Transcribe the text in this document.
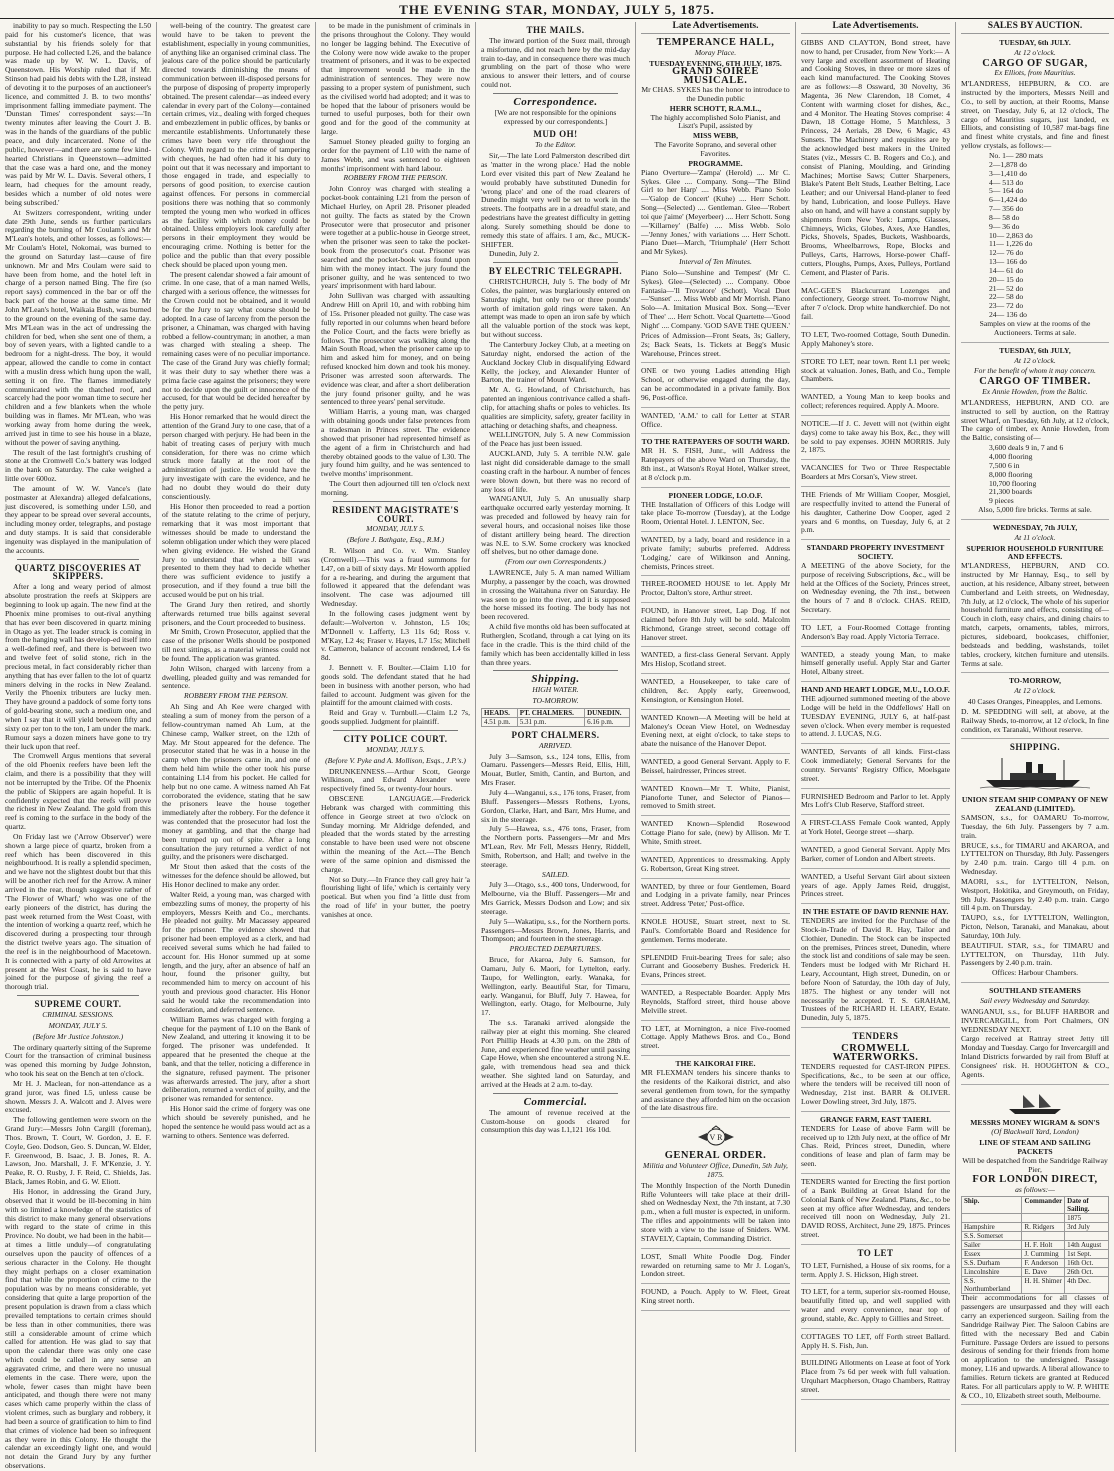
THE EVENING STAR, MONDAY, JULY 5, 1875.

inability to pay so much. Respecting the L50 paid for his customer's licence, that was substantial by his friends solely for that purpose. He had collected L26, and the balance was made up by W. W. L. Davis, of Queenstown. His Worship ruled that if Mr. Stinson had paid his debts with the L28, instead of devoting it to the purposes of an auctioneer's licence, and committed J. B. to two months' imprisonment falling immediate payment. The 'Dunstan Times' correspondent says:—'In twenty minutes after leaving the Court J. B. was in the hands of the guardians of the public peace, and duly incarcerated. None of the public, however—and there are some few kind-hearted Christians in Queenstown—admitted that the case was a hard one, and the money was paid by Mr W. L. Davis. Several others, I learn, had cheques for the amount ready, besides which a number of old notes were being subscribed.'

At Switzers correspondent, writing under date 29th June, sends us further particulars regarding the burning of Mr Coulam's and Mr M'Lean's hotels, and other losses, as follows:—Mr Coulam's Hotel, Nokomai, was burned to the ground on Saturday last—cause of fire unknown. Mr and Mrs Coulam were said to have been from home, and the hotel left in charge of a person named Bing. The fire (so report says) commenced in the bar or off the back part of the house at the same time. Mr John M'Lean's hotel, Waikaia Bush, was burned to the ground on the evening of the same day. Mrs M'Lean was in the act of undressing the children for bed, when she sent one of them, a boy of seven years, with a lighted candle to a bedroom for a night-dress. The boy, it would appear, allowed the candle to come in contact with a muslin dress which hung upon the wall, setting it on fire. The flames immediately communicated with the thatched roof, and scarcely had the poor woman time to secure her children and a few blankets when the whole building was in flames. Mr M'Lean, who was working away from home during the week, arrived just in time to see his house in a blaze, without the power of saving anything.

The result of the last fortnight's crushing of stone at the Cromwell Co.'s battery was lodged in the bank on Saturday. The cake weighed a little over 600oz.

The amount of W. W. Vance's (late postmaster at Alexandra) alleged defalcations, just discovered, is something under L50, and they appear to be spread over several accounts, including money order, telegraphs, and postage and duty stamps. It is said that considerable ingenuity was displayed in the manipulation of the accounts.

QUARTZ DISCOVERIES AT SKIPPERS.

After a long and weary period of almost absolute prostration the reefs at Skippers are beginning to look up again. The new find at the Phoenix mine promises to out-rival anything that has ever been discovered in quartz mining in Otago as yet. The leader struck is coming in from the hanging wall has develop-ed itself into a well-defined reef, and there is between two and twelve feet of solid stone, rich in the precious metal, in fact considerably richer than anything that has ever fallen to the lot of quartz miners delving in the rocks in New Zealand. Verily the Phoenix tributers are lucky men. They have ground a paddock of some forty tons of gold-bearing stone, such a medium one, and when I say that it will yield between fifty and sixty oz per ton to the ton, I am under the mark. Rumour says a dozen miners have gone to try their luck upon that reef.

The Cromwell Argus mentions that several of the old Phoenix reefers have been left the claim, and there is a possibility that they will not be interrupted by the Tribe. Of the Phoenix the public of Skippers are again hopeful. It is confidently expected that the reefs will prove the richest in New Zealand. The gold from this reef is coming to the surface in the body of the quartz.

On Friday last we ('Arrow Observer') were shown a large piece of quartz, broken from a reef which has been discovered in this neighbourhood. It is really a splendid specimen, and we have not the slightest doubt but that this will be another rich reef for the Arrow. A miner arrived in the rear, though suggestive rather of 'The Flower of Wharf,' who was one of the early pioneers of the district, has during the past week returned from the West Coast, with the intention of working a quartz reef, which he discovered during a prospecting tour through the district twelve years ago. The situation of the reef is in the neighbourhood of Macetown. It is connected with a party of old Arrowites at present at the West Coast, he is said to have joined for the purpose of giving the reef a thorough trial.

SUPREME COURT.
CRIMINAL SESSIONS.
MONDAY, JULY 5.
(Before Mr Justice Johnston.)

The ordinary quarterly sitting of the Supreme Court for the transaction of criminal business was opened this morning by Judge Johnston, who took his seat on the Bench at ten o'clock.

Mr H. J. Maclean, for non-attendance as a grand juror, was fined L5, unless cause be shown. Messrs J. A. Walcott and J. Alves were excused.

The following gentlemen were sworn on the Grand Jury:—Messrs John Cargill (foreman), Thos. Brown, T. Court, W. Gordon, J. E. F. Coyle, Geo. Dodson, Geo. S. Duncan, W. Elder, F. Greenwood, B. Isaac, J. B. Jones, R. A. Lawson, Jno. Marshall, J. F. M'Kenzie, J. Y. Peake, R. O. Rusby, J. F. Reid, C. Shields, Jas. Black, James Robin, and G. W. Eliott.

His Honor, in addressing the Grand Jury, observed that it would be ill-becoming in him with so limited a knowledge of the statistics of this district to make many general observations with regard to the state of crime in this Province. No doubt, we had been in the habit—at times a little unduly—of congratulating ourselves upon the paucity of offences of a serious character in the Colony. He thought they might perhaps on a closer examination find that while the proportion of crime to the population was by no means considerable, yet considering that quite a large proportion of the present population is drawn from a class which prevailed temptations to certain crimes should be less than in other communities, there was still a considerable amount of crime which called for attention. He was glad to say that upon the calendar there was only one case which could be called in any sense an aggravated crime, and there were no unusual elements in the case. There were, upon the whole, fewer cases than might have been anticipated, and though there were not many cases which came properly within the class of violent crimes, such as burglary and robbery, it had been a source of gratification to him to find that crimes of violence had been so infrequent as they were in this Colony. He thought the calendar an exceedingly light one, and would not detain the Grand Jury by any further observations.

well-being of the country. The greatest care would have to be taken to prevent the establishment, especially in young communities, of anything like an organised criminal class. The jealous care of the police should be particularly directed towards diminishing the means of communication between ill-disposed persons for the purpose of disposing of property improperly obtained. The present calendar—as indeed every calendar in every part of the Colony—contained certain crimes, viz., dealing with forged cheques and embezzlement in public offices, by banks or mercantile establishments. Unfortunately these crimes have been very rife throughout the Colony. With regard to the crime of tampering with cheques, he had often had it his duty to point out that it was necessary and important to those engaged in trade, and especially to persons of good position, to exercise caution against offences. For persons in commercial positions there was nothing that so commonly tempted the young men who worked in offices as the facility with which money could be obtained. Unless employers look carefully after persons in their employment they would be encouraging crime. Nothing is better for the police and the public than that every possible check should be placed upon young men.

The present calendar showed a fair amount of crime. In one case, that of a man named Wells, charged with a serious offence, the witnesses for the Crown could not be obtained, and it would be for the Jury to say what course should be adopted. In a case of larceny from the person the prisoner, a Chinaman, was charged with having robbed a fellow-countryman; in another, a man was charged with stealing a sheep. The remaining cases were of no peculiar importance. The case of the Grand Jury was chiefly formal; it was their duty to say whether there was a prima facie case against the prisoners; they were not to decide upon the guilt or innocence of the accused, for that would be decided hereafter by the petty jury.

His Honor remarked that he would direct the attention of the Grand Jury to one case, that of a person charged with perjury. He had been in the habit of treating cases of perjury with much consideration, for there was no crime which struck more fatally at the root of the administration of justice. He would have the jury investigate with care the evidence, and he had no doubt they would do their duty conscientiously.

His Honor then proceeded to read a portion of the statute relating to the crime of perjury, remarking that it was most important that witnesses should be made to understand the solemn obligation under which they were placed when giving evidence. He wished the Grand Jury to understand that when a bill was presented to them they had to decide whether there was sufficient evidence to justify a prosecution, and if they found a true bill the accused would be put on his trial.

The Grand Jury then retired, and shortly afterwards returned true bills against several prisoners, and the Court proceeded to business.

Mr Smith, Crown Prosecutor, applied that the case of the prisoner Wells should be postponed till next sittings, as a material witness could not be found. The application was granted.

John Wilson, charged with larceny from a dwelling, pleaded guilty and was remanded for sentence.

ROBBERY FROM THE PERSON.

Ah Sing and Ah Kee were charged with stealing a sum of money from the person of a fellow-countryman named Ah Lum, at the Chinese camp, Walker street, on the 12th of May. Mr Stout appeared for the defence. The prosecutor stated that he was in a house in the camp when the prisoners came in, and one of them held him while the other took his purse containing L14 from his pocket. He called for help but no one came. A witness named Ah Fat corroborated the evidence, stating that he saw the prisoners leave the house together immediately after the robbery. For the defence it was contended that the prosecutor had lost the money at gambling, and that the charge had been trumped up out of spite. After a long consultation the jury returned a verdict of not guilty, and the prisoners were discharged.

Mr Stout then asked that the costs of the witnesses for the defence should be allowed, but His Honor declined to make any order.

Walter Reid, a young man, was charged with embezzling sums of money, the property of his employers, Messrs Keith and Co., merchants. He pleaded not guilty. Mr Macassey appeared for the prisoner. The evidence showed that prisoner had been employed as a clerk, and had received several sums which he had failed to account for. His Honor summed up at some length, and the jury, after an absence of half an hour, found the prisoner guilty, but recommended him to mercy on account of his youth and previous good character. His Honor said he would take the recommendation into consideration, and deferred sentence.

William Barnes was charged with forging a cheque for the payment of L10 on the Bank of New Zealand, and uttering it knowing it to be forged. The prisoner was undefended. It appeared that he presented the cheque at the bank, and that the teller, noticing a difference in the signature, refused payment. The prisoner was afterwards arrested. The jury, after a short deliberation, returned a verdict of guilty, and the prisoner was remanded for sentence.

His Honor said the crime of forgery was one which should be severely punished, and he hoped the sentence he would pass would act as a warning to others. Sentence was deferred.

to be made in the punishment of criminals in the prisons throughout the Colony. They would no longer be lagging behind. The Executive of the Colony were now wide awake to the proper treatment of prisoners, and it was to be expected that improvement would be made in the administration of sentences. They were now passing to a proper system of punishment, such as the civilised world had adopted; and it was to be hoped that the labour of prisoners would be turned to useful purposes, both for their own good and for the good of the community at large.

Samuel Stoney pleaded guilty to forging an order for the payment of L10 with the name of James Webb, and was sentenced to eighteen months' imprisonment with hard labour.

ROBBERY FROM THE PERSON.

John Conroy was charged with stealing a pocket-book containing L21 from the person of Michael Hurley, on April 28. Prisoner pleaded not guilty. The facts as stated by the Crown Prosecutor were that prosecutor and prisoner were together at a public-house in George street, when the prisoner was seen to take the pocket-book from the prosecutor's coat. Prisoner was searched and the pocket-book was found upon him with the money intact. The jury found the prisoner guilty, and he was sentenced to two years' imprisonment with hard labour.

John Sullivan was charged with assaulting Andrew Hill on April 10, and with robbing him of 15s. Prisoner pleaded not guilty. The case was fully reported in our columns when heard before the Police Court, and the facts were briefly as follows. The prosecutor was walking along the Main South Road, when the prisoner came up to him and asked him for money, and on being refused knocked him down and took his money. Prisoner was arrested soon afterwards. The evidence was clear, and after a short deliberation the jury found prisoner guilty, and he was sentenced to three years' penal servitude.

William Harris, a young man, was charged with obtaining goods under false pretences from a tradesman in Princes street. The evidence showed that prisoner had represented himself as the agent of a firm in Christchurch and had thereby obtained goods to the value of L30. The jury found him guilty, and he was sentenced to twelve months' imprisonment.

The Court then adjourned till ten o'clock next morning.

RESIDENT MAGISTRATE'S COURT.
MONDAY, JULY 5.
(Before J. Bathgate, Esq., R.M.)

R. Wilson and Co. v. Wm. Stanley (Cromwell).—This was a fraud summons for L47, on a bill of sixty days. Mr Howorth applied for a re-hearing, and during the argument that followed it appeared that the defendant was insolvent. The case was adjourned till Wednesday.

In the following cases judgment went by default:—Wolverton v. Johnston, L5 10s; M'Donnell v. Lafferty, L3 11s 6d; Ross v. M'Kay, L2 4s; Fraser v. Hayes, L7 15s; Mitchell v. Cameron, balance of account rendered, L4 6s 8d.

J. Bennett v. F. Boulter.—Claim L10 for goods sold. The defendant stated that he had been in business with another person, who had failed to account. Judgment was given for the plaintiff for the amount claimed with costs.

Reid and Gray v. Turnbull.—Claim L2 7s, goods supplied. Judgment for plaintiff.

CITY POLICE COURT.
MONDAY, JULY 5.
(Before V. Pyke and A. Mollison, Esqs., J.P.'s.)

DRUNKENNESS.—Arthur Scott, George Wilkinson, and Edward Alexander were respectively fined 5s, or twenty-four hours.

OBSCENE LANGUAGE.—Frederick Hebrank was charged with committing this offence in George street at two o'clock on Sunday morning. Mr Aldridge defended, and pleaded that the words stated by the arresting constable to have been used were not obscene within the meaning of the Act.—The Bench were of the same opinion and dismissed the charge.

Not so Duty.—In France they call grey hair 'a flourishing light of life,' which is certainly very poetical. But when you find 'a little dust from the road of life' in your butter, the poetry vanishes at once.

THE MAILS.

The inward portion of the Suez mail, through a misfortune, did not reach here by the mid-day train to-day, and in consequence there was much grumbling on the part of those who were anxious to answer their letters, and of course could not.

Correspondence.

[We are not responsible for the opinions expressed by our correspondents.]

MUD OH!
To the Editor.

Sir,—The late Lord Palmerston described dirt as 'matter in the wrong place.' Had the noble Lord ever visited this part of New Zealand he would probably have substituted Dunedin for 'wrong place' and one of the road clearers of Dunedin might very well be set to work in the streets. The footpaths are in a dreadful state, and pedestrians have the greatest difficulty in getting along. Surely something should be done to remedy this state of affairs. I am, &c., MUCK-SHIFTER.

Dunedin, July 2.

BY ELECTRIC TELEGRAPH.

CHRISTCHURCH, July 5. The body of Mr Coles, the painter, was burglariously entered on Saturday night, but only two or three pounds' worth of imitation gold rings were taken. An attempt was made to open an iron safe by which all the valuable portion of the stock was kept, but without success.

The Canterbury Jockey Club, at a meeting on Saturday night, endorsed the action of the Auckland Jockey Club in disqualifying Edward Kelly, the jockey, and Alexander Hunter of Barton, the trainer of Mount Ward.

Mr A. G. Howland, of Christchurch, has patented an ingenious contrivance called a shaft-clip, for attaching shafts or poles to vehicles. Its qualities are simplicity, safety, greater facility in attaching or detaching shafts, and cheapness.

WELLINGTON, July 5. A new Commission of the Peace has just been issued.

AUCKLAND, July 5. A terrible N.W. gale last night did considerable damage to the small coasting craft in the harbour. A number of fences were blown down, but there was no record of any loss of life.

WANGANUI, July 5. An unusually sharp earthquake occurred early yesterday morning. It was preceded and followed by heavy rain for several hours, and occasional noises like those of distant artillery being heard. The direction was N.E. to S.W. Some crockery was knocked off shelves, but no other damage done.

(From our own Correspondents.)

LAWRENCE, July 5. A man named William Murphy, a passenger by the coach, was drowned in crossing the Waitahuna river on Saturday. He was seen to go into the river, and it is supposed the horse missed its footing. The body has not been recovered.

A child five months old has been suffocated at Rutherglen, Scotland, through a cat lying on its face in the cradle. This is the third child of the family which has been accidentally killed in less than three years.

Shipping.
HIGH WATER.
TO-MORROW.
HEADS.	PT. CHALMERS.	DUNEDIN.
4.51 p.m.	5.31 p.m.	6.16 p.m.
PORT CHALMERS.
ARRIVED.

July 3—Samson, s.s., 124 tons, Ellis, from Oamaru. Passengers—Messrs Reid, Ellis, Hill, Mouat, Butler, Smith, Cantin, and Burton, and Mrs Fraser.

July 4—Wanganui, s.s., 176 tons, Fraser, from Bluff. Passengers—Messrs Rothens, Lyons, Gordon, Clarke, Hart, and Barr, Mrs Hume, and six in the steerage.

July 5—Hawea, s.s., 476 tons, Fraser, from the Northern ports. Passengers—Mr and Mrs M'Lean, Rev. Mr Fell, Messrs Henry, Riddell, Smith, Robertson, and Hall; and twelve in the steerage.

SAILED.

July 3—Otago, s.s., 400 tons, Underwood, for Melbourne, via the Bluff. Passengers—Mr and Mrs Garrick, Messrs Dodson and Low; and six steerage.

July 5—Wakatipu, s.s., for the Northern ports. Passengers—Messrs Brown, Jones, Harris, and Thompson; and fourteen in the steerage.

PROJECTED DEPARTURES.

Bruce, for Akaroa, July 6. Samson, for Oamaru, July 6. Maori, for Lyttelton, early. Taupo, for Wellington, early. Wanaka, for Wellington, early. Beautiful Star, for Timaru, early. Wanganui, for Bluff, July 7. Hawea, for Wellington, early. Otago, for Melbourne, July 17.

The s.s. Taranaki arrived alongside the railway pier at eight this morning. She cleared Port Phillip Heads at 4.30 p.m. on the 28th of June, and experienced fine weather until passing Cape Howe, when she encountered a strong N.E. gale, with tremendous head sea and thick weather. She sighted land on Saturday, and arrived at the Heads at 2 a.m. to-day.

Commercial.

The amount of revenue received at the Custom-house on goods cleared for consumption this day was L1,121 16s 10d.

Late Advertisements.
TEMPERANCE HALL,
Moray Place.
TUESDAY EVENING, 6TH JULY, 1875.
GRAND SOIREE MUSICALE.

Mr CHAS. SYKES has the honor to introduce to the Dunedin public

HERR SCHOTT, R.A.M.L.,

The highly accomplished Solo Pianist, and Liszt's Pupil, assisted by

MISS WEBB,

The Favorite Soprano, and several other Favorites.

PROGRAMME.

Piano Overture—'Zampa' (Herold) .... Mr C. Sykes. Glee .... Company. Song—'The Blind Girl to her Harp' .... Miss Webb. Piano Solo—'Galop de Concert' (Kuhe) .... Herr Schott. Song—(Selected) .... Gentleman. Glee—'Robert toi que j'aime' (Meyerbeer) .... Herr Schott. Song—'Killarney' (Balfe) .... Miss Webb. Solo—'Jenny Jones,' with variations .... Herr Schott. Piano Duet—March, 'Triumphale' (Herr Schott and Mr Sykes).

Interval of Ten Minutes.

Piano Solo—'Sunshine and Tempest' (Mr C. Sykes). Glee—(Selected) .... Company. Oboe Fantasia—'Il Trovatore' (Schott). Vocal Duet—'Sunset' .... Miss Webb and Mr Morrish. Piano Solo—A. Imitation Musical Box. Song—'Ever of Thee' .... Herr Schott. Vocal Quartette—'Good Night' .... Company. 'GOD SAVE THE QUEEN.'

Prices of Admission—Front Seats, 3s; Gallery, 2s; Back Seats, 1s. Tickets at Begg's Music Warehouse, Princes street.

ONE or two young Ladies attending High School, or otherwise engaged during the day, can be accommodated in a private family. Box 96, Post-office.

WANTED, 'A.M.' to call for Letter at STAR Office.

TO THE RATEPAYERS OF SOUTH WARD.

MR H. S. FISH, Junr., will Address the Ratepayers of the above Ward on Thursday, the 8th inst., at Watson's Royal Hotel, Walker street, at 8 o'clock p.m.

PIONEER LODGE, I.O.O.F.

THE Installation of Officers of this Lodge will take place To-morrow (Tuesday), at the Lodge Room, Oriental Hotel. J. LENTON, Sec.

WANTED, by a lady, board and residence in a private family; suburbs preferred. Address 'Lodging,' care of Wilkinson and Anning, chemists, Princes street.

THREE-ROOMED HOUSE to let. Apply Mr Proctor, Dalton's store, Arthur street.

FOUND, in Hanover street, Lap Dog. If not claimed before 8th July will be sold. Malcolm Richmond, Grange street, second cottage off Hanover street.

WANTED, a first-class General Servant. Apply Mrs Hislop, Scotland street.

WANTED, a Housekeeper, to take care of children, &c. Apply early, Greenwood, Kensington, or Kensington Hotel.

WANTED Known—A Meeting will be held at Maloney's Ocean View Hotel, on Wednesday Evening next, at eight o'clock, to take steps to abate the nuisance of the Hanover Depot.

WANTED, a good General Servant. Apply to F. Beissel, hairdresser, Princes street.

WANTED Known—Mr T. White, Pianist, Pianoforte Tuner, and Selector of Pianos—removed to Smith street.

WANTED Known—Splendid Rosewood Cottage Piano for sale, (new) by Allison. Mr T. White, Smith street.

WANTED, Apprentices to dressmaking. Apply G. Robertson, Great King street.

WANTED, by three or four Gentlemen, Board and Lodging in a private family, near Princes street. Address 'Peter,' Post-office.

KNOLE HOUSE, Stuart street, next to St. Paul's. Comfortable Board and Residence for gentlemen. Terms moderate.

SPLENDID Fruit-bearing Trees for sale; also Currant and Gooseberry Bushes. Frederick H. Evans, Princes street.

WANTED, a Respectable Boarder. Apply Mrs Reynolds, Stafford street, third house above Melville street.

TO LET, at Mornington, a nice Five-roomed Cottage. Apply Mathews Bros. and Co., Bond street.

THE KAIKORAI FIRE.

MR FLEXMAN tenders his sincere thanks to the residents of the Kaikorai district, and also several gentlemen from town, for the sympathy and assistance they afforded him on the occasion of the late disastrous fire.

V R
GENERAL ORDER.
Militia and Volunteer Office, Dunedin, 5th July, 1875.

The Monthly Inspection of the North Dunedin Rifle Volunteers will take place at their drill-shed on Wednesday Next, the 7th instant, at 7.30 p.m., when a full muster is expected, in uniform. The rifles and appointments will be taken into store with a view to the issue of Sniders. WM. STAVELY, Captain, Commanding District.

LOST, Small White Poodle Dog. Finder rewarded on returning same to Mr J. Logan's, London street.

FOUND, a Pouch. Apply to W. Fleet, Great King street north.

Late Advertisements.

GIBBS AND CLAYTON, Bond street, have now to hand, per Crusader, from New York:— A very large and excellent assortment of Heating and Cooking Stoves, in three or more sizes of each kind manufactured. The Cooking Stoves are as follows:—8 Ossward, 30 Novelty, 36 Magenta, 36 New Clarendon, 18 Comet, 4 Content with warming closet for dishes, &c., and 4 Monitor. The Heating Stoves comprise: 4 Dawn, 18 Cottage Home, 5 Matchless, 3 Princess, 24 Aerials, 28 Dew, 6 Magic, 43 Sunsets. The Machinery and requisites are by the acknowledged best makers in the United States (viz., Messrs C. B. Rogers and Co.), and consist of Planing, Moulding, and Grinding Machines; Mortise Saws; Cutter Sharpeners, Blake's Patent Belt Studs, Leather Belting, Lace Leather; and our Universal Hand-planer to feed by hand, Lubrication, and loose Pulleys. Have also on hand, and will have a constant supply by shipments from New York: Lamps, Glasses, Chimneys, Wicks, Globes, Axes, Axe Handles, Picks, Shovels, Spades, Buckets, Washboards, Brooms, Wheelbarrows, Rope, Blocks and Pulleys, Carts, Harrows, Horse-power Chaff-cutters, Ploughs, Pumps, Axes, Pulleys, Portland Cement, and Plaster of Paris.

MAC-GEE'S Blackcurrant Lozenges and confectionery, George street. To-morrow Night, after 7 o'clock. Drop white handkerchief. Do not fail.

TO LET, Two-roomed Cottage, South Dunedin. Apply Mahoney's store.

STORE TO LET, near town. Rent L1 per week; stock at valuation. Jones, Bath, and Co., Temple Chambers.

WANTED, a Young Man to keep books and collect; references required. Apply A. Moore.

NOTICE.—If J. C. Jevett will not (within eight days) come to take away his Box, &c., they will be sold to pay expenses. JOHN MORRIS. July 2, 1875.

VACANCIES for Two or Three Respectable Boarders at Mrs Corsan's, View street.

THE Friends of Mr William Cooper, Mosgiel, are respectfully invited to attend the Funeral of his daughter, Catherine Dow Cooper, aged 2 years and 6 months, on Tuesday, July 6, at 2 p.m.

STANDARD PROPERTY INVESTMENT SOCIETY.

A MEETING of the above Society, for the purpose of receiving Subscriptions, &c., will be held at the Offices of the Society, Princes street, on Wednesday evening, the 7th inst., between the hours of 7 and 8 o'clock. CHAS. REID, Secretary.

TO LET, a Four-Roomed Cottage fronting Anderson's Bay road. Apply Victoria Terrace.

WANTED, a steady young Man, to make himself generally useful. Apply Star and Garter Hotel, Albany street.

HAND AND HEART LODGE, M.U., I.O.O.F.

THE adjourned summoned meeting of the above Lodge will be held in the Oddfellows' Hall on TUESDAY EVENING, JULY 6, at half-past seven o'clock. When every member is requested to attend. J. LUCAS, N.G.

WANTED, Servants of all kinds. First-class Cook immediately; General Servants for the country. Servants' Registry Office, Moelsgate street.

FURNISHED Bedroom and Parlor to let. Apply Mrs Loft's Club Reserve, Stafford street.

A FIRST-CLASS Female Cook wanted, Apply at York Hotel, George street —sharp.

WANTED, a good General Servant. Apply Mrs Barker, corner of London and Albert streets.

WANTED, a Useful Servant Girl about sixteen years of age. Apply James Reid, druggist, Princes street.

IN THE ESTATE OF DAVID RENNIE HAY.

TENDERS are invited for the Purchase of the Stock-in-Trade of David R. Hay, Tailor and Clothier, Dunedin. The Stock can be inspected on the premises, Princes street, Dunedin, where the stock list and conditions of sale may be seen. Tenders must be lodged with Mr Richard H. Leary, Accountant, High street, Dunedin, on or before Noon of Saturday, the 10th day of July, 1875. The highest or any tender will not necessarily be accepted. T. S. GRAHAM, Trustees of the RICHARD H. LEARY, Estate. Dunedin, July 5, 1875.

TENDERS
CROMWELL WATERWORKS.

TENDERS requested for CAST-IRON PIPES. Specifications, &c., to be seen at our office, where the tenders will be received till noon of Wednesday, 21st inst. BARR & OLIVER. Lower Dowling street, 3rd July, 1875.

GRANGE FARM, EAST TAIERI.

TENDERS for Lease of above Farm will be received up to 12th July next, at the office of Mr Chas. Reid, Princes street, Dunedin, where conditions of lease and plan of farm may be seen.

TENDERS wanted for Erecting the first portion of a Bank Building at Great Island for the Colonial Bank of New Zealand. Plans, &c., to be seen at my office after Wednesday, and tenders received till noon on Wednesday, July 21. DAVID ROSS, Architect, June 29, 1875. Princes street.

TO LET

TO LET, Furnished, a House of six rooms, for a term. Apply J. S. Hickson, High street.

TO LET, for a term, superior six-roomed House, beautifully fitted up, and well supplied with water and every convenience, near top of ground, stable, &c. Apply to Gillies and Street.

COTTAGES TO LET, off Forth street Ballard. Apply H. S. Fish, Jun.

BUILDING Allotments on Lease at foot of York Place from 7s 6d per week with full valuation. Urquhart Macpherson, Otago Chambers, Rattray street.

SALES BY AUCTION.
TUESDAY, 6th JULY.
At 12 o'clock.
CARGO OF SUGAR,
Ex Elliots, from Mauritius.

M'LANDRESS, HEPBURN, & CO. are instructed by the importers, Messrs Neill and Co., to sell by auction, at their Rooms, Manse street, on Tuesday, July 6, at 12 o'clock, The cargo of Mauritius sugars, just landed, ex Elliots, and consisting of 10,587 mat-bags fine and finest white crystals, and fine and finest yellow crystals, as follows:—

No. 1— 280 mats
2—1,878 do
3—1,410 do
4— 513 do
5— 164 do
6—1,424 do
7— 356 do
8— 58 do
9— 36 do
10— 2,863 do
11— 1,226 do
12— 76 do
13— 166 do
14— 61 do
20— 15 do
21— 52 do
22— 58 do
23— 72 do
24— 136 do

Samples on view at the rooms of the Auctioneers. Terms at sale.

TUESDAY, 6th JULY,
At 12 o'clock.
For the benefit of whom it may concern.
CARGO OF TIMBER.
Ex Annie Howden, from the Baltic.

M'LANDRESS, HEPBURN, AND CO. are instructed to sell by auction, on the Rattray street Wharf, on Tuesday, 6th July, at 12 o'clock, The cargo of timber, ex Annie Howden, from the Baltic, consisting of—

3,600 deals 9 in, 7 and 6
4,000 flooring
7,500 6 in
8,000 flooring
10,700 flooring
21,300 boards
9 pieces

Also, 5,000 fire bricks. Terms at sale.

WEDNESDAY, 7th JULY,
At 11 o'clock.
SUPERIOR HOUSEHOLD FURNITURE AND EFFECTS.

M'LANDRESS, HEPBURN, AND CO. instructed by Mr Hannay, Esq., to sell by auction, at his residence, Albany street, between Cumberland and Leith streets, on Wednesday, 7th July, at 12 o'clock, The whole of his superior household furniture and effects, consisting of—Couch in cloth, easy chairs, and dining chairs to match, carpets, ornaments, tables, mirrors, pictures, sideboard, bookcases, chiffonier, bedsteads and bedding, washstands, toilet tables, crockery, kitchen furniture and utensils. Terms at sale.

TO-MORROW,
At 12 o'clock.

40 Cases Oranges, Pineapples, and Lemons.

D. M. SPEDDING will sell, at above, at the Railway Sheds, to-morrow, at 12 o'clock, In fine condition, ex Taranaki, Without reserve.

SHIPPING.
UNION STEAM SHIP COMPANY OF NEW ZEALAND (LIMITED).

SAMSON, s.s., for OAMARU To-morrow, Tuesday, the 6th July. Passengers by 7 a.m. train.

BRUCE, s.s., for TIMARU and AKAROA, and LYTTELTON on Thursday, 8th July. Passengers by 2.40 p.m. train. Cargo till 4 p.m. on Wednesday.

MAORI, s.s., for LYTTELTON, Nelson, Westport, Hokitika, and Greymouth, on Friday, 9th July. Passengers by 2.40 p.m. train. Cargo till 4 p.m. on Thursday.

TAUPO, s.s., for LYTTELTON, Wellington, Picton, Nelson, Taranaki, and Manakau, about Saturday, 10th July.

BEAUTIFUL STAR, s.s., for TIMARU and LYTTELTON, on Thursday, 11th July. Passengers by 2.40 p.m. train.

Offices: Harbour Chambers.

SOUTHLAND STEAMERS
Sail every Wednesday and Saturday.

WANGANUI, s.s., for BLUFF HARBOR and INVERCARGILL, from Port Chalmers, ON WEDNESDAY NEXT.

Cargo received at Rattray street Jetty till Monday and Tuesday. Cargo for Invercargill and Inland Districts forwarded by rail from Bluff at Consignees' risk. H. HOUGHTON & CO., Agents.

MESSRS MONEY WIGRAM & SON'S
(Of Blackwall Yard, London)
LINE OF STEAM AND SAILING PACKETS

Will be despatched from the Sandridge Railway Pier,

FOR LONDON DIRECT,
as follows:—
Ship.	Commander	Date of Sailing.
		1875
Hampshire	R. Ridgers	3rd July
S.S. Somerset		
Sailer	H. F. Holt	14th August
Essex	J. Cumming	1st Sept.
S.S. Durham	F. Anderson	16th Oct.
Lincolnshire	E. Dave	26th Oct.
S.S. Northumberland	H. H. Shimer	4th Dec.

Their accommodations for all classes of passengers are unsurpassed and they will each carry an experienced surgeon. Sailing from the Sandridge Railway Pier. The Saloon Cabins are fitted with the necessary Bed and Cabin Furniture. Passage Orders are issued to persons desirous of sending for their friends from home on application to the undersigned. Passage money, L16 and upwards. A liberal allowance to families. Return tickets are granted at Reduced Rates. For all particulars apply to W. P. WHITE & CO., 10, Elizabeth street south, Melbourne.
